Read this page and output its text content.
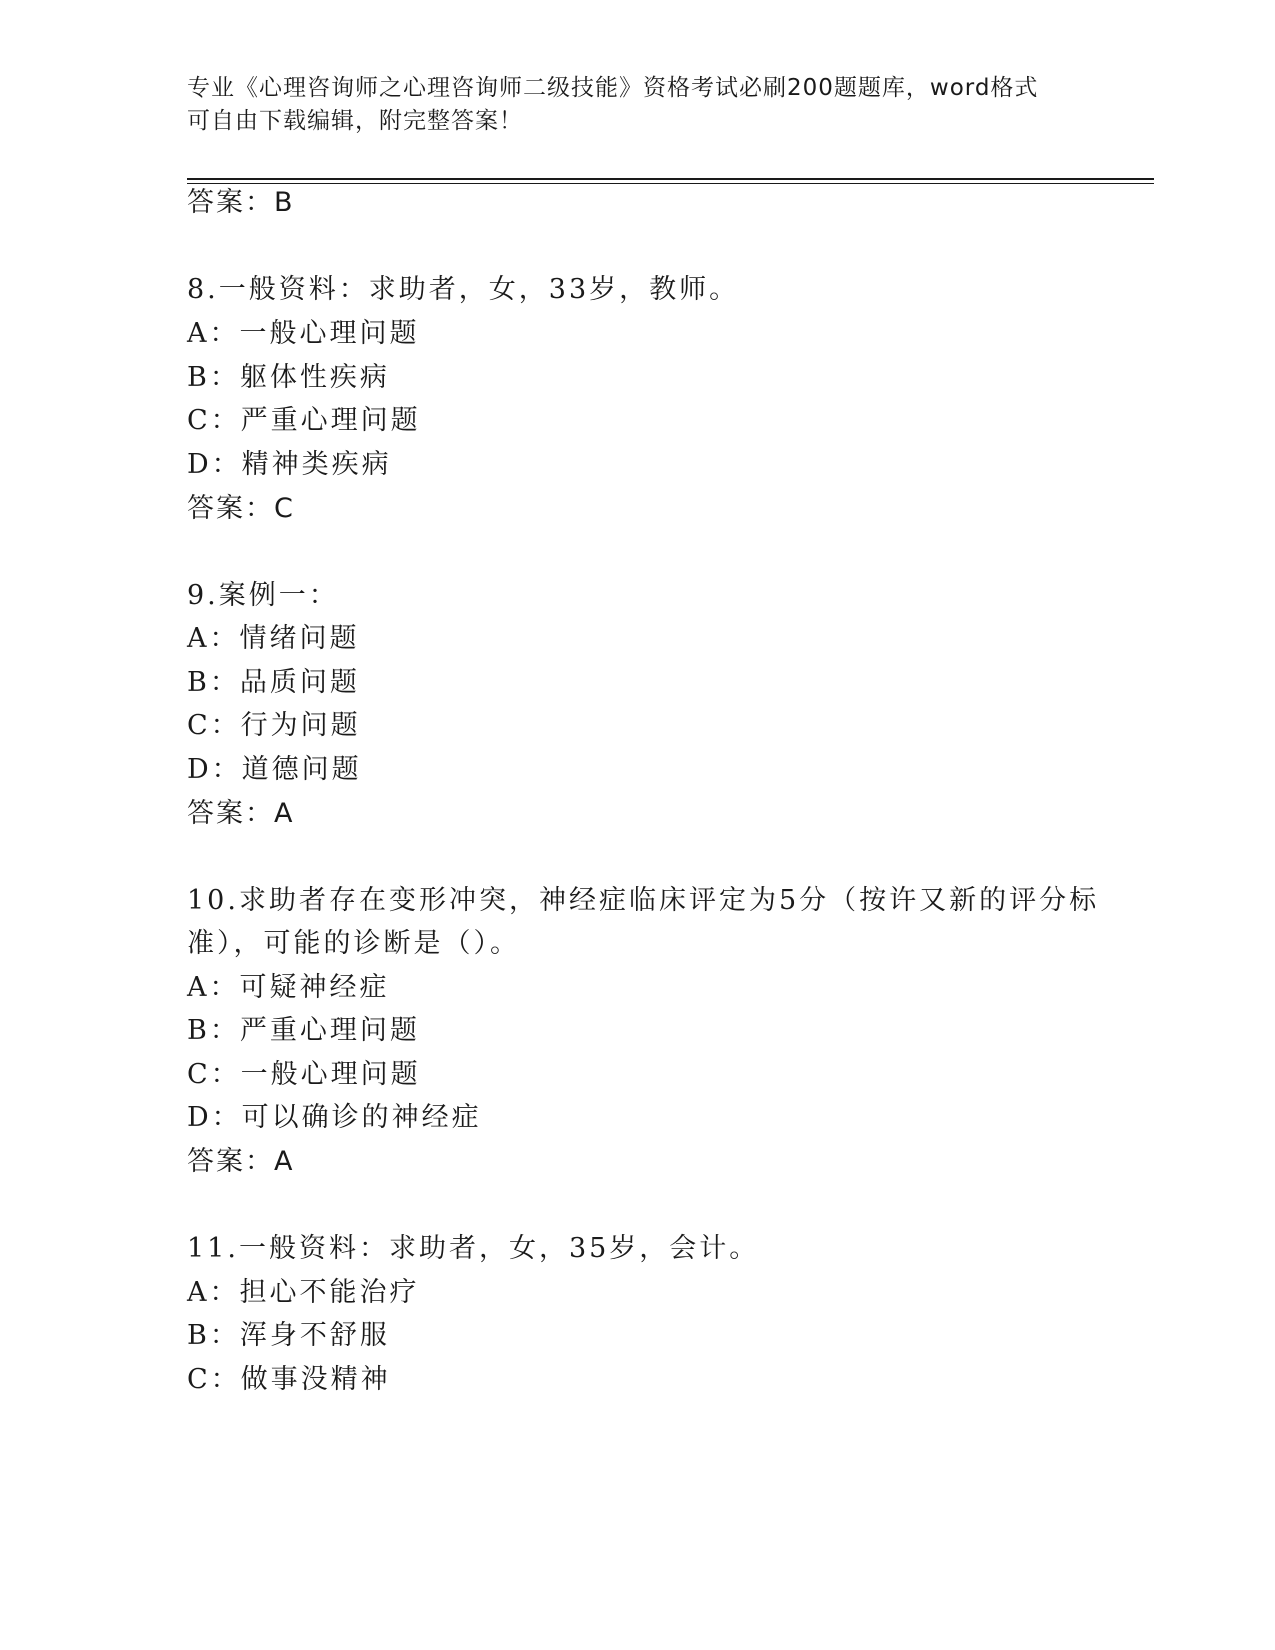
专业《心理咨询师之心理咨询师二级技能》资格考试必刷200题题库，word格式
可自由下载编辑，附完整答案！
答案：B
8.一般资料：求助者，女，33岁，教师。
A：一般心理问题
B：躯体性疾病
C：严重心理问题
D：精神类疾病
答案：C
9.案例一：
A：情绪问题
B：品质问题
C：行为问题
D：道德问题
答案：A
10.求助者存在变形冲突，神经症临床评定为5分（按许又新的评分标
准），可能的诊断是（）。
A：可疑神经症
B：严重心理问题
C：一般心理问题
D：可以确诊的神经症
答案：A
11.一般资料：求助者，女，35岁，会计。
A：担心不能治疗
B：浑身不舒服
C：做事没精神
